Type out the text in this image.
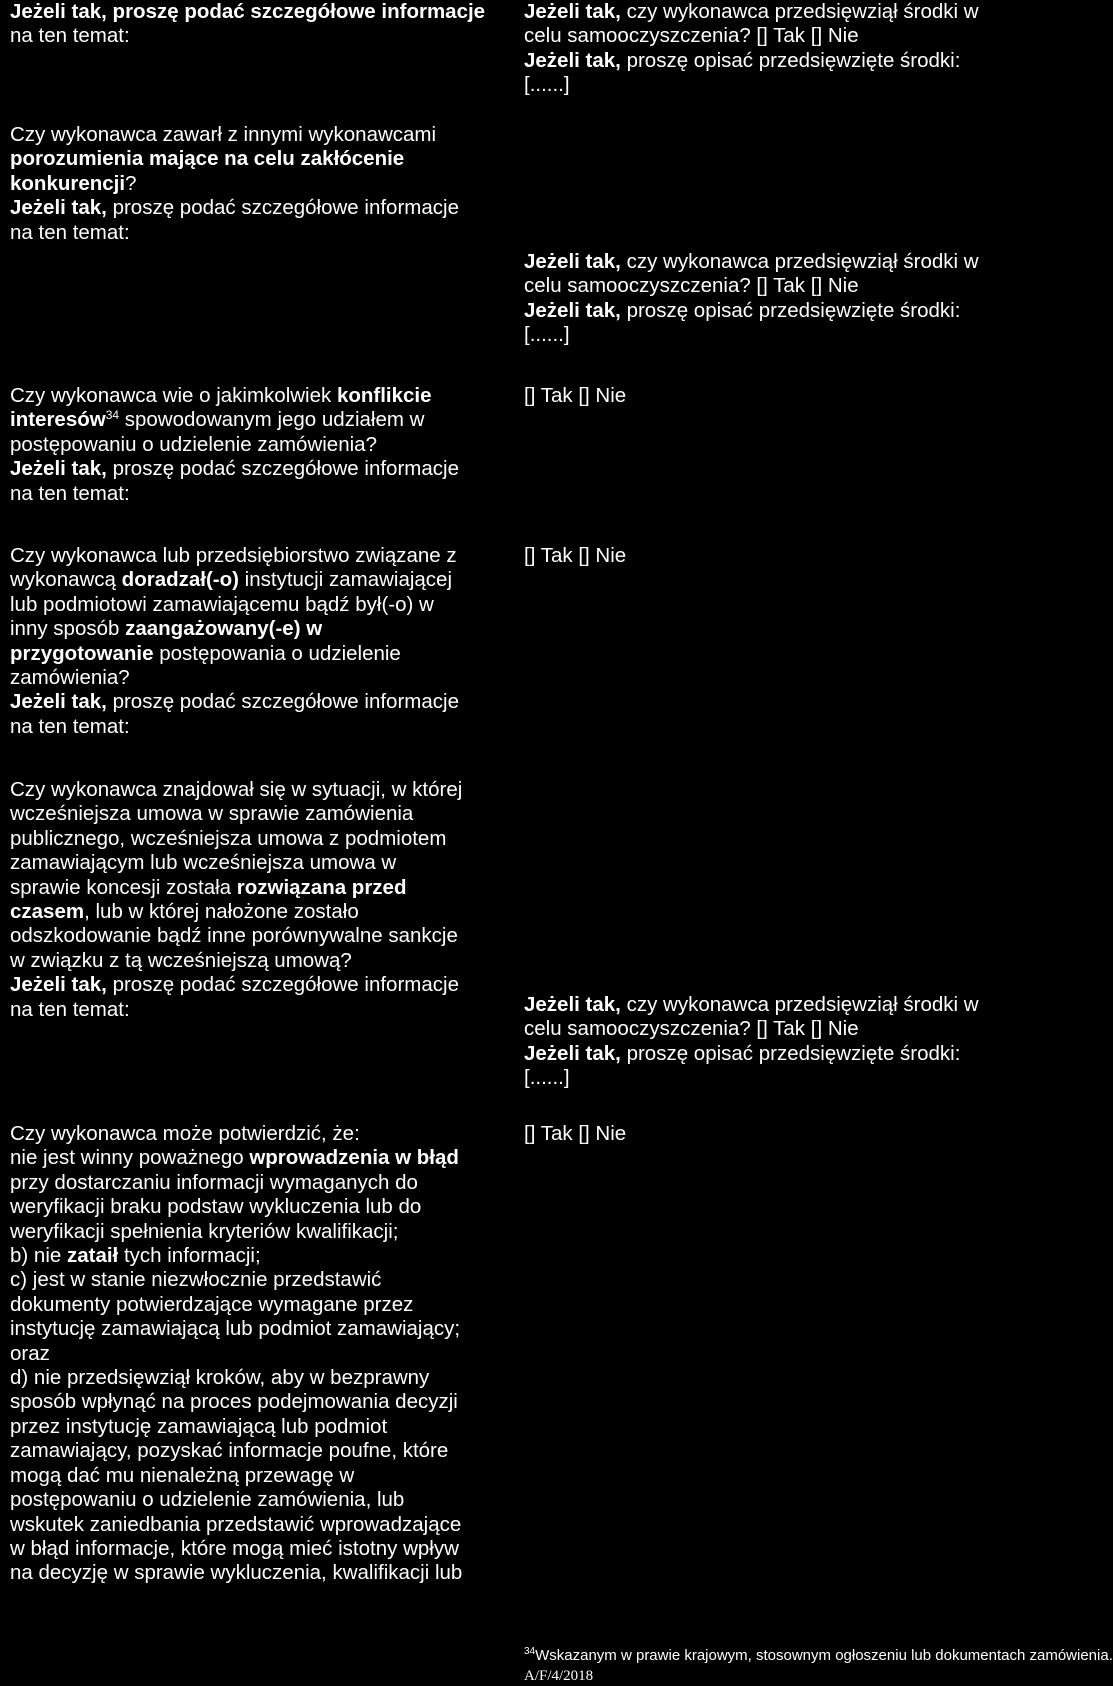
Jeżeli tak, proszę podać szczegółowe informacje
na ten temat:
Jeżeli tak, czy wykonawca przedsięwziął środki w
celu samooczyszczenia? [] Tak [] Nie
Jeżeli tak, proszę opisać przedsięwzięte środki:
[......]
Czy wykonawca zawarł z innymi wykonawcami
porozumienia mające na celu zakłócenie
konkurencji?
Jeżeli tak, proszę podać szczegółowe informacje
na ten temat:
Jeżeli tak, czy wykonawca przedsięwziął środki w
celu samooczyszczenia? [] Tak [] Nie
Jeżeli tak, proszę opisać przedsięwzięte środki:
[......]
Czy wykonawca wie o jakimkolwiek konflikcie
interesów$^{34}$ spowodowanym jego udziałem w
postępowaniu o udzielenie zamówienia?
Jeżeli tak, proszę podać szczegółowe informacje
na ten temat:
[] Tak [] Nie
Czy wykonawca lub przedsiębiorstwo związane z
wykonawcą doradzał(-o) instytucji zamawiającej
lub podmiotowi zamawiającemu bądź był(-o) w
inny sposób zaangażowany(-e) w
przygotowanie postępowania o udzielenie
zamówienia?
Jeżeli tak, proszę podać szczegółowe informacje
na ten temat:
[] Tak [] Nie
Czy wykonawca znajdował się w sytuacji, w której
wcześniejsza umowa w sprawie zamówienia
publicznego, wcześniejsza umowa z podmiotem
zamawiającym lub wcześniejsza umowa w
sprawie koncesji została rozwiązana przed
czasem, lub w której nałożone zostało
odszkodowanie bądź inne porównywalne sankcje
w związku z tą wcześniejszą umową?
Jeżeli tak, proszę podać szczegółowe informacje
na ten temat:	Jeżeli tak, czy wykonawca przedsięwziął środki w
celu samooczyszczenia? [] Tak [] Nie
Jeżeli tak, proszę opisać przedsięwzięte środki:
[......]
Czy wykonawca może potwierdzić, że:
nie jest winny poważnego wprowadzenia w błąd
przy dostarczaniu informacji wymaganych do
weryfikacji braku podstaw wykluczenia lub do
weryfikacji spełnienia kryteriów kwalifikacji;
b) nie zataił tych informacji;
c) jest w stanie niezwłocznie przedstawić
dokumenty potwierdzające wymagane przez
instytucję zamawiającą lub podmiot zamawiający;
oraz
d) nie przedsięwziął kroków, aby w bezprawny
sposób wpłynąć na proces podejmowania decyzji
przez instytucję zamawiającą lub podmiot
zamawiający, pozyskać informacje poufne, które
mogą dać mu nienależną przewagę w
postępowaniu o udzielenie zamówienia, lub
wskutek zaniedbania przedstawić wprowadzające
w błąd informacje, które mogą mieć istotny wpływ
na decyzję w sprawie wykluczenia, kwalifikacji lub
[] Tak [] Nie
$^{34}$Wskazanym w prawie krajowym, stosownym ogłoszeniu lub dokumentach zamówienia.
A/F/4/2018
